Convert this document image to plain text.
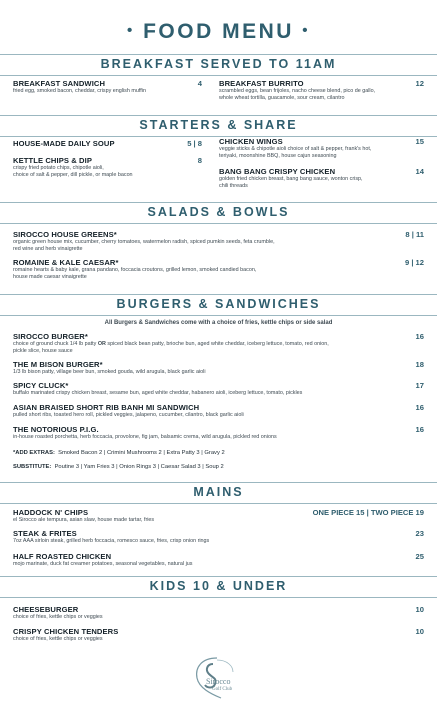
• FOOD MENU •
BREAKFAST SERVED TO 11AM
BREAKFAST SANDWICH
fried egg, smoked bacon, cheddar, crispy english muffin
4 BREAKFAST BURRITO
scrambled eggs, bean frijoles, nacho cheese blend, pico de gallo,
whole wheat tortilla, guacamole, sour cream, cilantro
12
STARTERS & SHARE
HOUSE-MADE DAILY SOUP	5 | 8
KETTLE CHIPS & DIP
crispy fried potato chips, chipotle aioli,
choice of salt & pepper, dill pickle, or maple bacon
8
CHICKEN WINGS
veggie sticks & chipotle aioli choice of salt & pepper, frank's hot,
teriyaki, moonshine BBQ, house cajun seasoning
15
BANG BANG CRISPY CHICKEN
golden fried chicken breast, bang bang sauce, wonton crisp,
chili threads
14
SALADS & BOWLS
SIROCCO HOUSE GREENS*
organic green house mix, cucumber, cherry tomatoes, watermelon radish, spiced pumkin seeds, feta crumble,
red wine and herb vinaigrette
8 | 11
ROMAINE & KALE CAESAR*
romaine hearts & baby kale, grana pandano, foccacia croutons, grilled lemon, smoked candied bacon,
house made caesar vinaigrette
9 | 12
BURGERS & SANDWICHES
All Burgers & Sandwiches come with a choice of fries, kettle chips or side salad
SIROCCO BURGER*
choice of ground chuck 1/4 lb patty OR spiced black bean patty, brioche bun, aged white cheddar, iceberg lettuce, tomato, red onion,
pickle slice, house sauce
16
THE M BISON BURGER*
1/3 lb bison patty, village beer bun, smoked gouda, wild arugula, black garlic aioli
18
SPICY CLUCK*
buffalo marinated crispy chicken breast, sesame bun, aged white cheddar, habanero aioli, iceberg lettuce, tomato, pickles
17
ASIAN BRAISED SHORT RIB BANH MI SANDWICH
pulled short ribs, toasted hero roll, pickled veggies, jalapeno, cucumber, cilantro, black garlic aioli
16
THE NOTORIOUS P.I.G.
in-house roasted porchetta, herb foccacia, provolone, fig jam, balsamic crema, wild arugula, pickled red onions
16
*ADD EXTRAS: Smoked Bacon 2 | Crimini Mushrooms 2 | Extra Patty 3 | Gravy 2
SUBSTITUTE: Poutine 3 | Yam Fries 3 | Onion Rings 3 | Caesar Salad 3 | Soup 2
MAINS
HADDOCK N' CHIPS
el Sirocco ale tempura, asian slaw, house made tartar, fries
ONE PIECE 15 | TWO PIECE 19
STEAK & FRITES
7oz AAA sirloin steak, grilled herb foccacia, romesco sauce, fries, crisp onion rings
23
HALF ROASTED CHICKEN
mojo marinate, duck fat creamer potatoes, seasonal vegetables, natural jus
25
KIDS 10 & UNDER
CHEESEBURGER
choice of fries, kettle chips or veggies
10
CRISPY CHICKEN TENDERS
choice of fries, kettle chips or veggies
10
Sirocco
Golf Club
